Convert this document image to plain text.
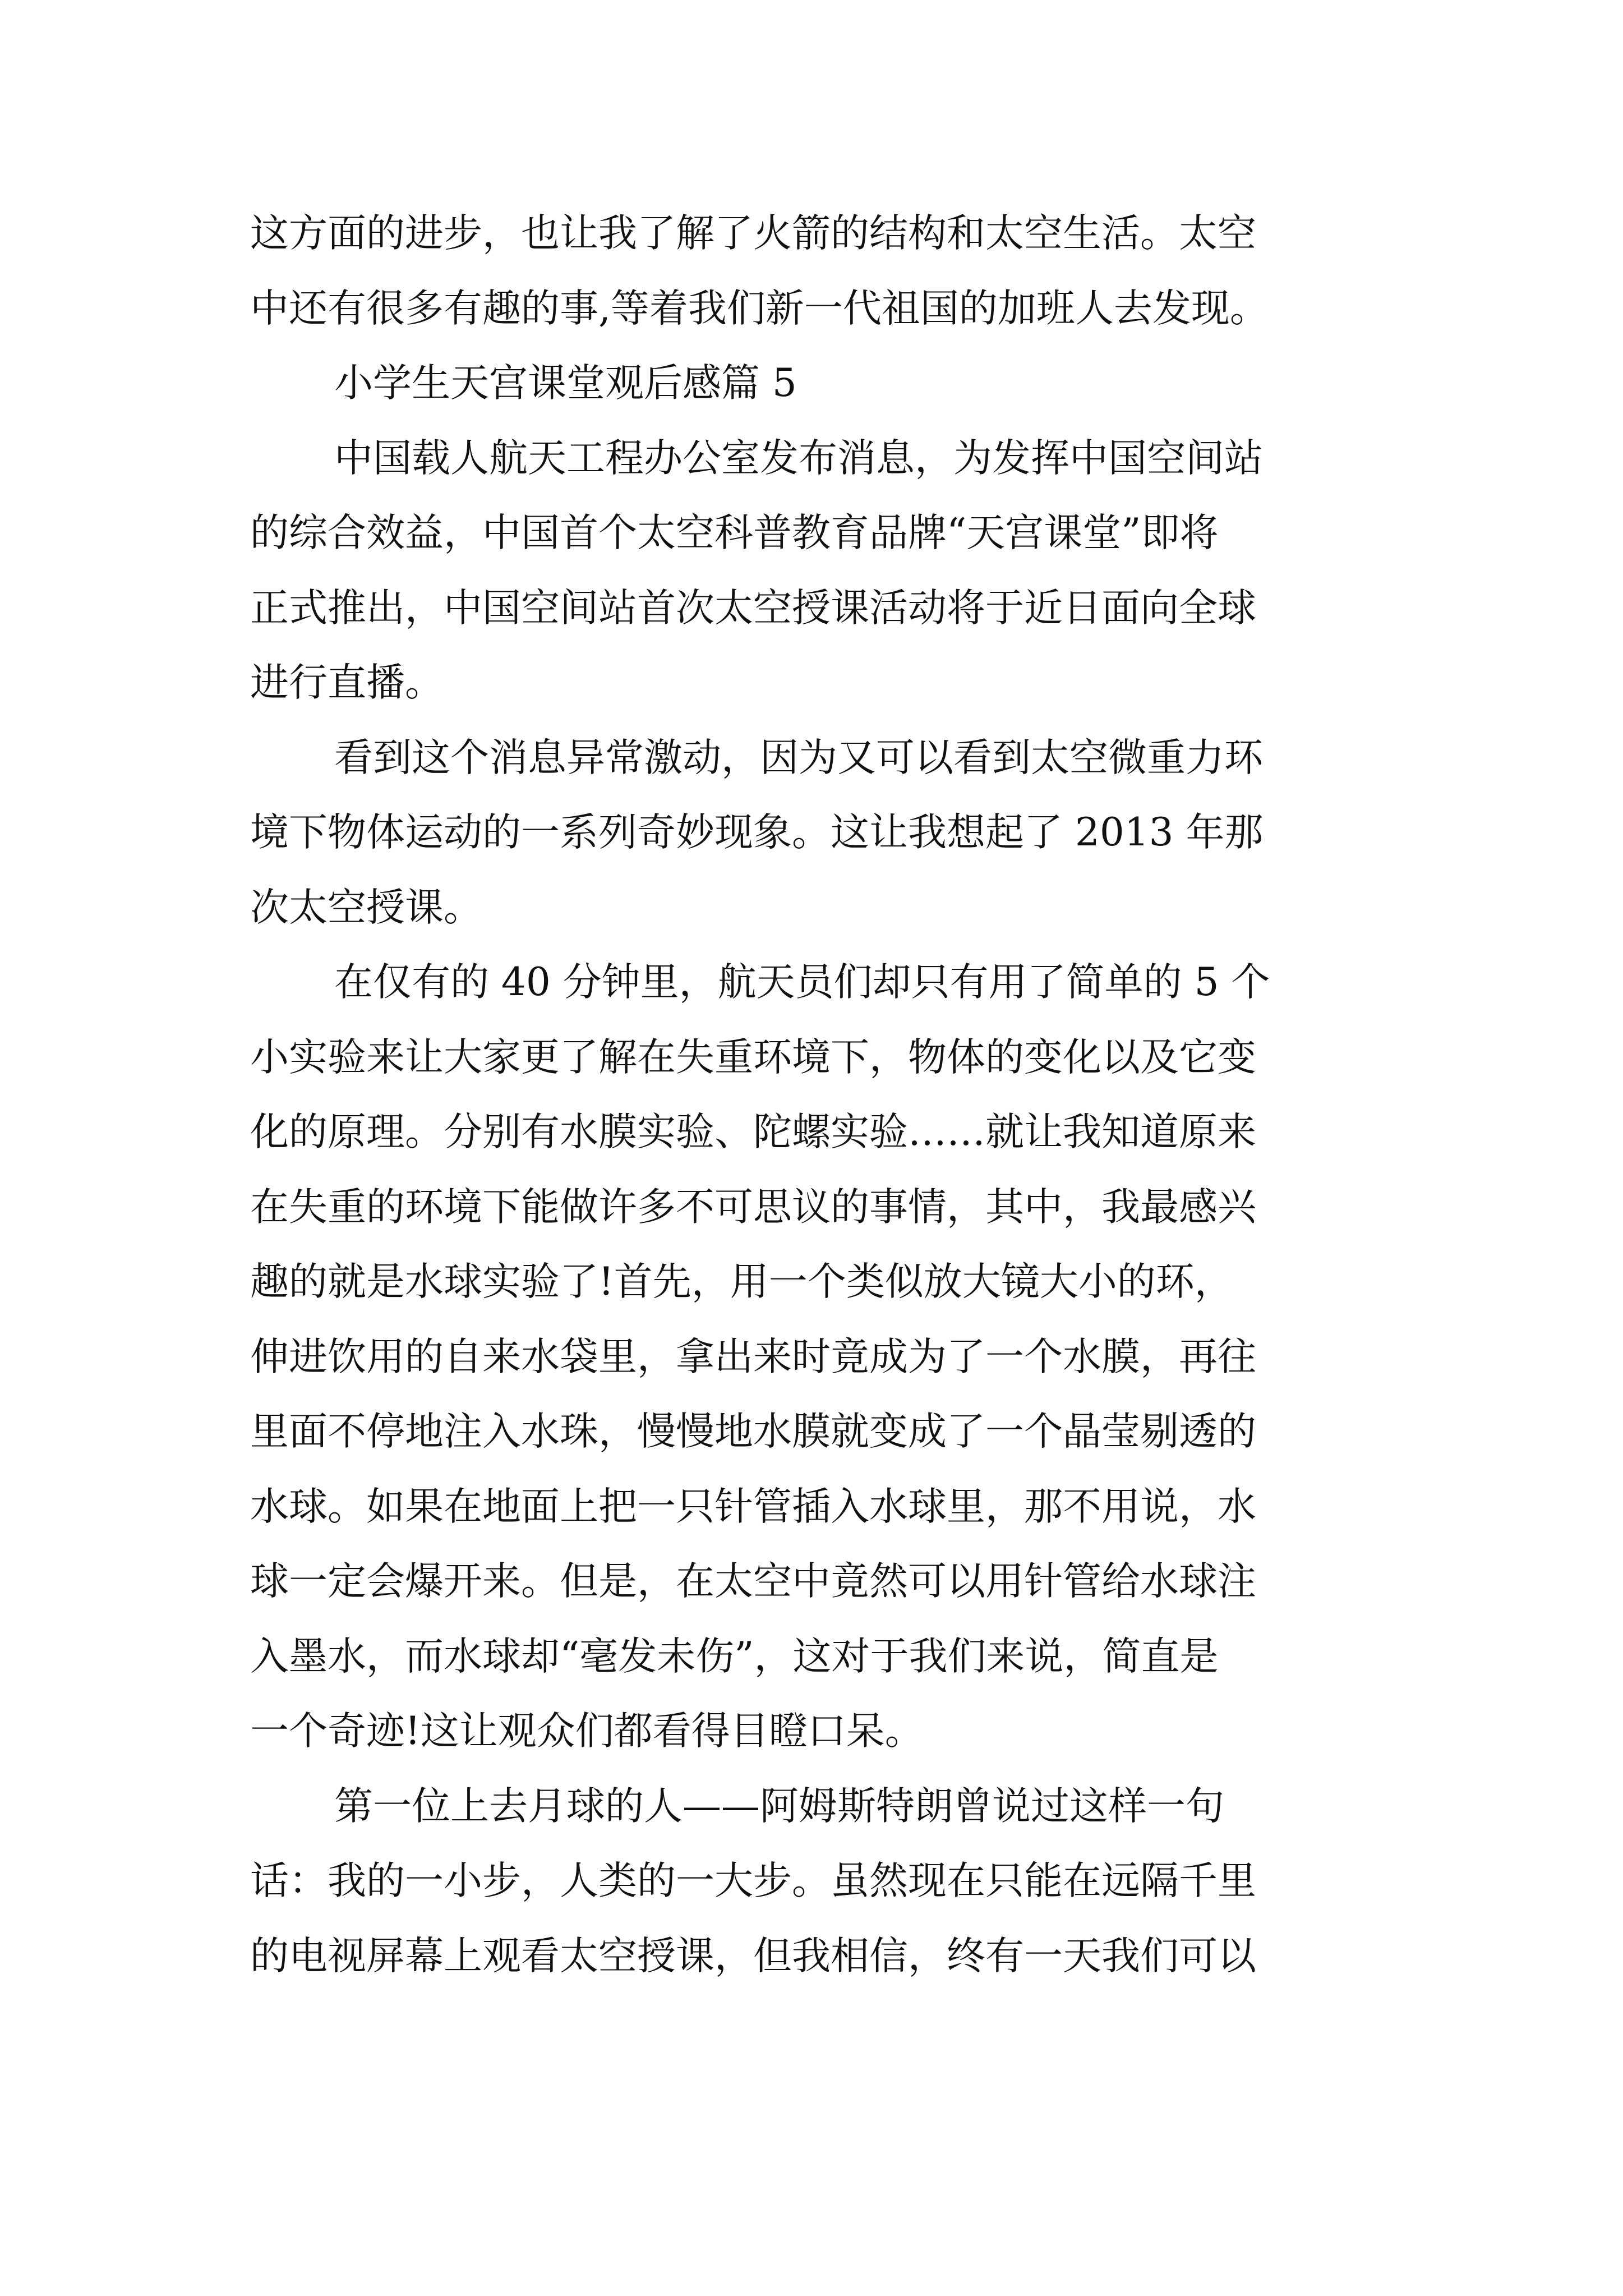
这方面的进步，也让我了解了火箭的结构和太空生活。太空
中还有很多有趣的事,等着我们新一代祖国的加班人去发现。
小学生天宫课堂观后感篇 5
中国载人航天工程办公室发布消息，为发挥中国空间站
的综合效益，中国首个太空科普教育品牌“天宫课堂”即将
正式推出，中国空间站首次太空授课活动将于近日面向全球
进行直播。
看到这个消息异常激动，因为又可以看到太空微重力环
境下物体运动的一系列奇妙现象。这让我想起了 2013 年那
次太空授课。
在仅有的 40 分钟里，航天员们却只有用了简单的 5 个
小实验来让大家更了解在失重环境下，物体的变化以及它变
化的原理。分别有水膜实验、陀螺实验……就让我知道原来
在失重的环境下能做许多不可思议的事情，其中，我最感兴
趣的就是水球实验了!首先，用一个类似放大镜大小的环，
伸进饮用的自来水袋里，拿出来时竟成为了一个水膜，再往
里面不停地注入水珠，慢慢地水膜就变成了一个晶莹剔透的
水球。如果在地面上把一只针管插入水球里，那不用说，水
球一定会爆开来。但是，在太空中竟然可以用针管给水球注
入墨水，而水球却“毫发未伤”，这对于我们来说，简直是
一个奇迹!这让观众们都看得目瞪口呆。
第一位上去月球的人——阿姆斯特朗曾说过这样一句
话：我的一小步，人类的一大步。虽然现在只能在远隔千里
的电视屏幕上观看太空授课，但我相信，终有一天我们可以
